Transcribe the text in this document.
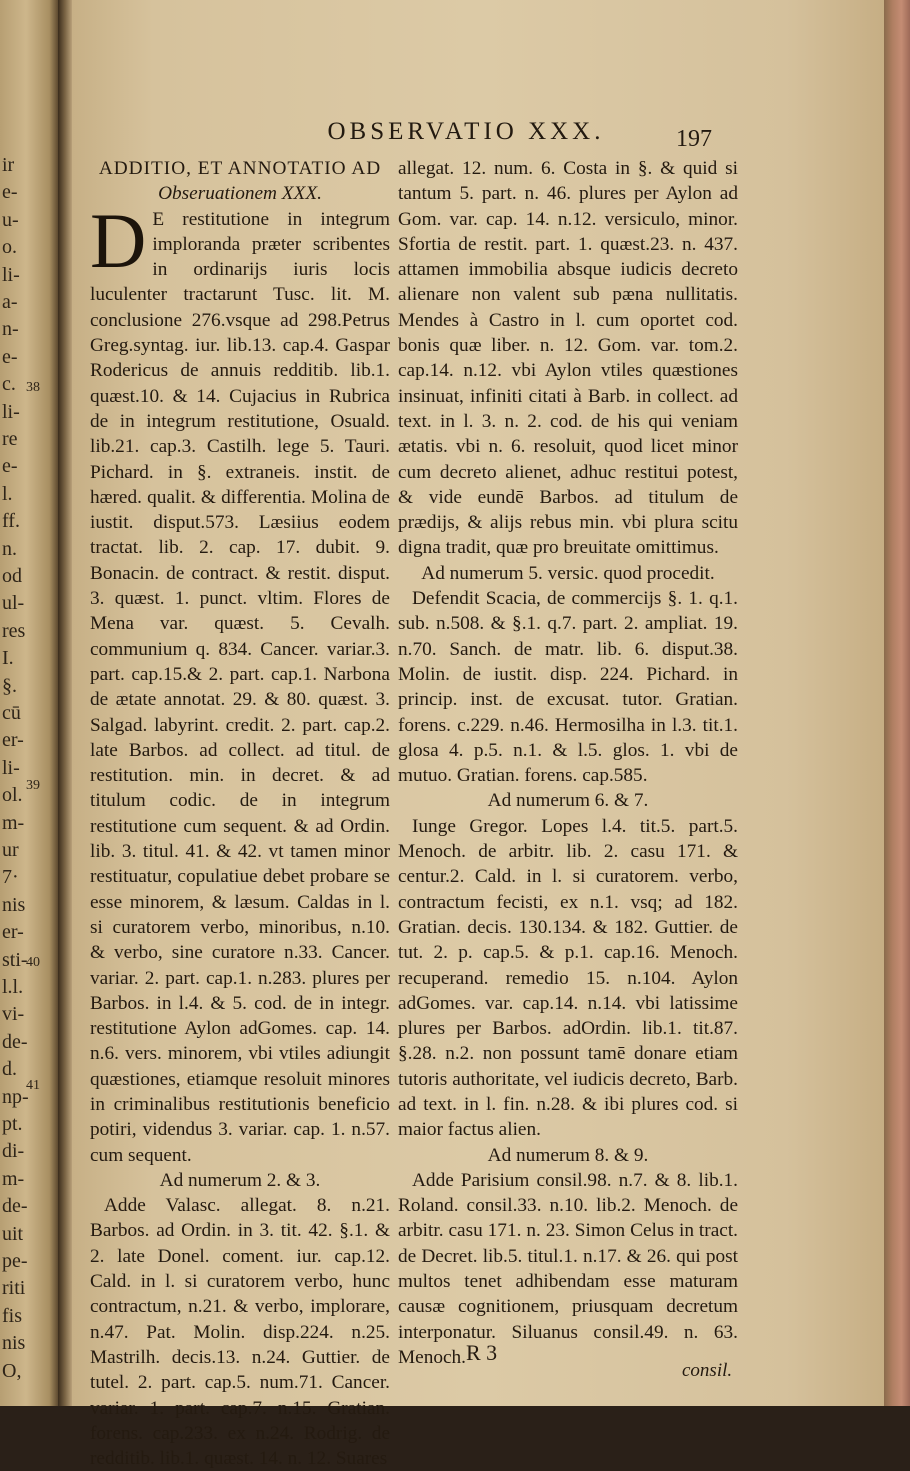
ir
e-
u-
o.
li-
a-
n-
e-
c.
li-
re
e-
l.
ff.
n.
od
ul-
res
I.
§.
cū
er-
li-
ol.
m-
ur
7·
nis
er-
sti-
l.l.
vi-
de-
d.
np-
pt.
di-
m-
de-
uit
pe-
riti
fis
nis
O,
38
39
40
41
OBSERVATIO XXX.	197

ADDITIO, ET ANNOTATIO AD

Obseruationem XXX.

D E restitutione in integrum imploranda præter scribentes in ordinarijs iuris locis luculenter tractarunt Tusc. lit. M. conclusione 276.vsque ad 298.Petrus Greg.syntag. iur. lib.13. cap.4. Gaspar Rodericus de annuis redditib. lib.1. quæst.10. & 14. Cujacius in Rubrica de in integrum restitutione, Osuald. lib.21. cap.3. Castilh. lege 5. Tauri. Pichard. in §. extraneis. instit. de hæred. qualit. & differentia. Molina de iustit. disput.573. Læsiius eodem tractat. lib. 2. cap. 17. dubit. 9. Bonacin. de contract. & restit. disput. 3. quæst. 1. punct. vltim. Flores de Mena var. quæst. 5. Cevalh. communium q. 834. Cancer. variar.3. part. cap.15.& 2. part. cap.1. Narbona de ætate annotat. 29. & 80. quæst. 3. Salgad. labyrint. credit. 2. part. cap.2. late Barbos. ad collect. ad titul. de restitution. min. in decret. & ad titulum codic. de in integrum restitutione cum sequent. & ad Ordin. lib. 3. titul. 41. & 42. vt tamen minor restituatur, copulatiue debet probare se esse minorem, & læsum. Caldas in l. si curatorem verbo, minoribus, n.10. & verbo, sine curatore n.33. Cancer. variar. 2. part. cap.1. n.283. plures per Barbos. in l.4. & 5. cod. de in integr. restitutione Aylon adGomes. cap. 14. n.6. vers. minorem, vbi vtiles adiungit quæstiones, etiamque resoluit minores in criminalibus restitutionis beneficio potiri, videndus 3. variar. cap. 1. n.57. cum sequent.

Ad numerum 2. & 3.

Adde Valasc. allegat. 8. n.21. Barbos. ad Ordin. in 3. tit. 42. §.1. & 2. late Donel. coment. iur. cap.12. Cald. in l. si curatorem verbo, hunc contractum, n.21. & verbo, implorare, n.47. Pat. Molin. disp.224. n.25. Mastrilh. decis.13. n.24. Guttier. de tutel. 2. part. cap.5. num.71. Cancer. variar. 1. part. cap.7. n.15. Gratian. forens. cap.233. ex n.24. Rodrig. de redditib. lib.1. quæst. 14. n. 12. Suares

allegat. 12. num. 6. Costa in §. & quid si tantum 5. part. n. 46. plures per Aylon ad Gom. var. cap. 14. n.12. versiculo, minor. Sfortia de restit. part. 1. quæst.23. n. 437. attamen immobilia absque iudicis decreto alienare non valent sub pæna nullitatis. Mendes à Castro in l. cum oportet cod. bonis quæ liber. n. 12. Gom. var. tom.2. cap.14. n.12. vbi Aylon vtiles quæstiones insinuat, infiniti citati à Barb. in collect. ad text. in l. 3. n. 2. cod. de his qui veniam ætatis. vbi n. 6. resoluit, quod licet minor cum decreto alienet, adhuc restitui potest, & vide eundē Barbos. ad titulum de prædijs, & alijs rebus min. vbi plura scitu digna tradit, quæ pro breuitate omittimus.

Ad numerum 5. versic. quod procedit.

Defendit Scacia, de commercijs §. 1. q.1. sub. n.508. & §.1. q.7. part. 2. ampliat. 19. n.70. Sanch. de matr. lib. 6. disput.38. Molin. de iustit. disp. 224. Pichard. in princip. inst. de excusat. tutor. Gratian. forens. c.229. n.46. Hermosilha in l.3. tit.1. glosa 4. p.5. n.1. & l.5. glos. 1. vbi de mutuo. Gratian. forens. cap.585.

Ad numerum 6. & 7.

Iunge Gregor. Lopes l.4. tit.5. part.5. Menoch. de arbitr. lib. 2. casu 171. & centur.2. Cald. in l. si curatorem. verbo, contractum fecisti, ex n.1. vsq; ad 182. Gratian. decis. 130.134. & 182. Guttier. de tut. 2. p. cap.5. & p.1. cap.16. Menoch. recuperand. remedio 15. n.104. Aylon adGomes. var. cap.14. n.14. vbi latissime plures per Barbos. adOrdin. lib.1. tit.87. §.28. n.2. non possunt tamē donare etiam tutoris authoritate, vel iudicis decreto, Barb. ad text. in l. fin. n.28. & ibi plures cod. si maior factus alien.

Ad numerum 8. & 9.

Adde Parisium consil.98. n.7. & 8. lib.1. Roland. consil.33. n.10. lib.2. Menoch. de arbitr. casu 171. n. 23. Simon Celus in tract. de Decret. lib.5. titul.1. n.17. & 26. qui post multos tenet adhibendam esse maturam causæ cognitionem, priusquam decretum interponatur. Siluanus consil.49. n. 63. Menoch. R 3
consil.
